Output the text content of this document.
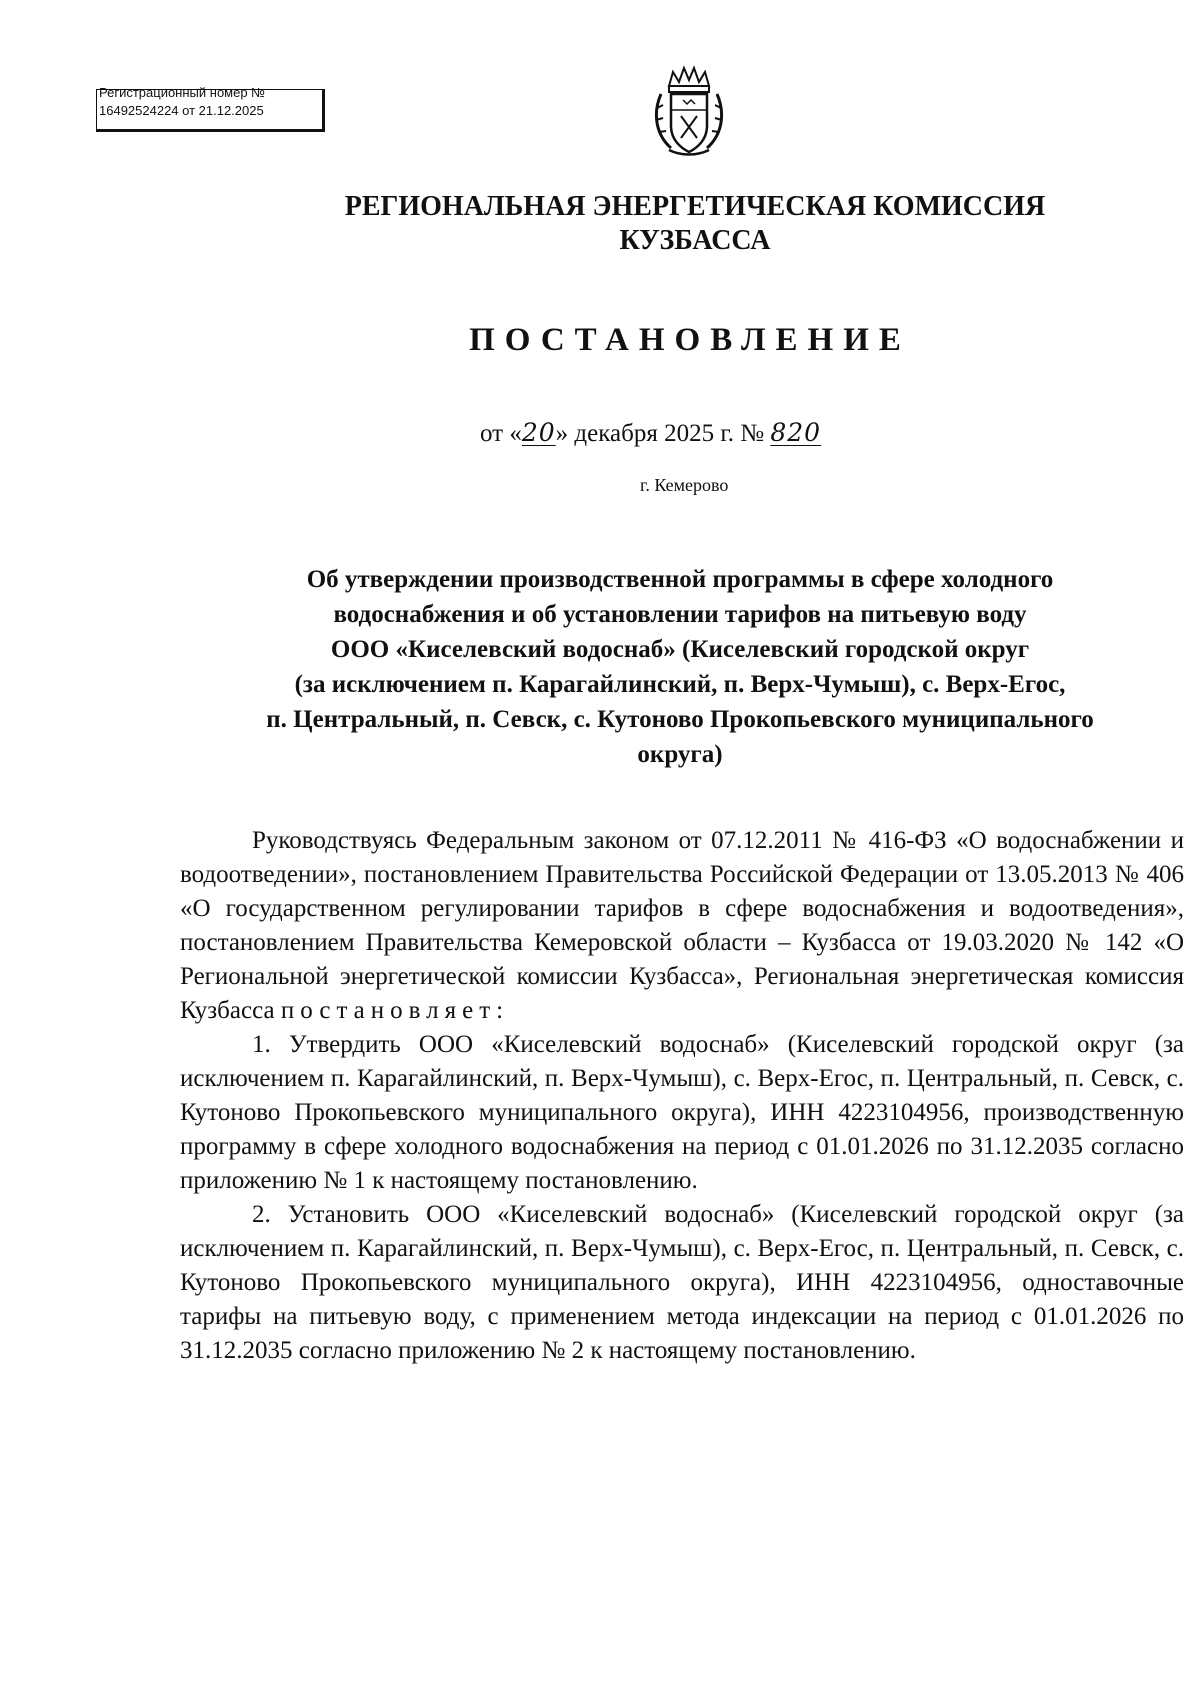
Регистрационный номер №
16492524224 от 21.12.2025
РЕГИОНАЛЬНАЯ ЭНЕРГЕТИЧЕСКАЯ КОМИССИЯ
КУЗБАССА
ПОСТАНОВЛЕНИЕ
от «20» декабря 2025 г. № 820
г. Кемерово
Об утверждении производственной программы в сфере холодного
водоснабжения и об установлении тарифов на питьевую воду
ООО «Киселевский водоснаб» (Киселевский городской округ
(за исключением п. Карагайлинский, п. Верх-Чумыш), с. Верх-Егос,
п. Центральный, п. Севск, с. Кутоново Прокопьевского муниципального
округа)

Руководствуясь Федеральным законом от 07.12.2011 № 416-ФЗ «О водоснабжении и водоотведении», постановлением Правительства Российской Федерации от 13.05.2013 № 406 «О государственном регулировании тарифов в сфере водоснабжения и водоотведения», постановлением Правительства Кемеровской области – Кузбасса от 19.03.2020 № 142 «О Региональной энергетической комиссии Кузбасса», Региональная энергетическая комиссия Кузбасса постановляет:

1. Утвердить ООО «Киселевский водоснаб» (Киселевский городской округ (за исключением п. Карагайлинский, п. Верх-Чумыш), с. Верх-Егос, п. Центральный, п. Севск, с. Кутоново Прокопьевского муниципального округа), ИНН 4223104956, производственную программу в сфере холодного водоснабжения на период с 01.01.2026 по 31.12.2035 согласно приложению № 1 к настоящему постановлению.

2. Установить ООО «Киселевский водоснаб» (Киселевский городской округ (за исключением п. Карагайлинский, п. Верх-Чумыш), с. Верх-Егос, п. Центральный, п. Севск, с. Кутоново Прокопьевского муниципального округа), ИНН 4223104956, одноставочные тарифы на питьевую воду, с применением метода индексации на период с 01.01.2026 по 31.12.2035 согласно приложению № 2 к настоящему постановлению.
